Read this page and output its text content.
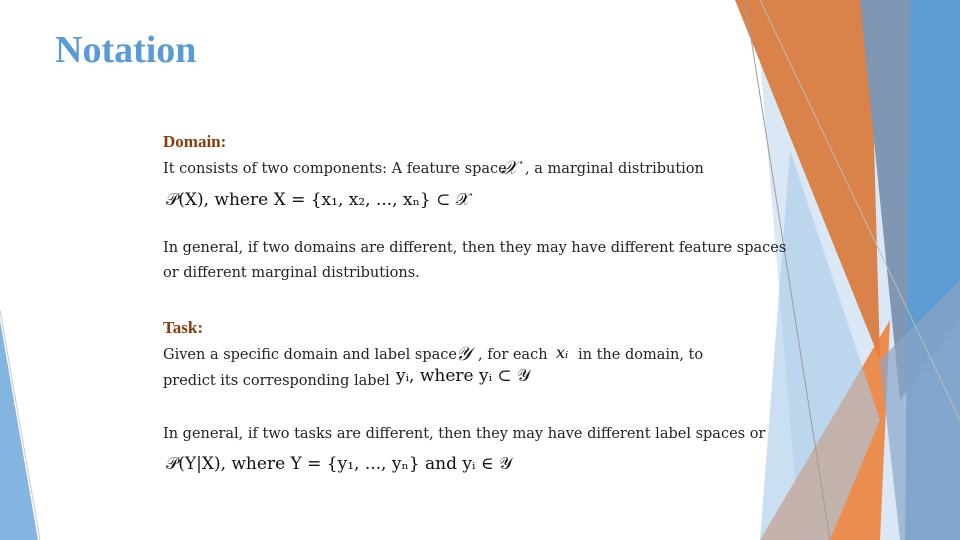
Notation
Domain:
It consists of two components: A feature space
𝒳 , a marginal distribution
𝒫(X), where X = {x₁, x₂, ..., xₙ} ⊂ 𝒳
In general, if two domains are different, then they may have different feature spaces
or different marginal distributions.
Task:
Given a specific domain and label space 𝒴 , for each xᵢ in the domain, to
predict its corresponding label yᵢ, where yᵢ ⊂ 𝒴
In general, if two tasks are different, then they may have different label spaces or
𝒫(Y|X), where Y = {y₁, ..., yₙ} and yᵢ ∈ 𝒴
